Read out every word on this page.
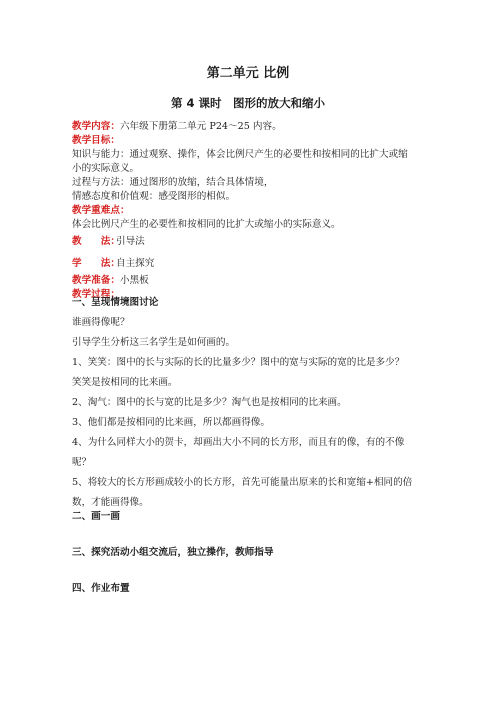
第二单元 比例
第 4 课时　图形的放大和缩小
教学内容：六年级下册第二单元 P24～25 内容。
教学目标：
知识与能力：通过观察、操作，体会比例尺产生的必要性和按相同的比扩大或缩
小的实际意义。
过程与方法：通过图形的放缩，结合具体情境，
情感态度和价值观：感受图形的相似。
教学重难点：
体会比例尺产生的必要性和按相同的比扩大或缩小的实际意义。
教　　法：引导法
学　　法：自主探究
教学准备：小黑板
教学过程：
一、呈现情境图讨论
谁画得像呢？
引导学生分析这三名学生是如何画的。
1、笑笑：图中的长与实际的长的比量多少？图中的宽与实际的宽的比是多少？
笑笑是按相同的比来画。
2、淘气：图中的长与宽的比是多少？淘气也是按相同的比来画。
3、他们都是按相同的比来画，所以都画得像。
4、为什么同样大小的贺卡，却画出大小不同的长方形，而且有的像，有的不像
呢？
5、将较大的长方形画成较小的长方形，首先可能量出原来的长和宽缩+相同的倍
数，才能画得像。
二、画一画
三、探究活动小组交流后，独立操作，教师指导
四、作业布置
